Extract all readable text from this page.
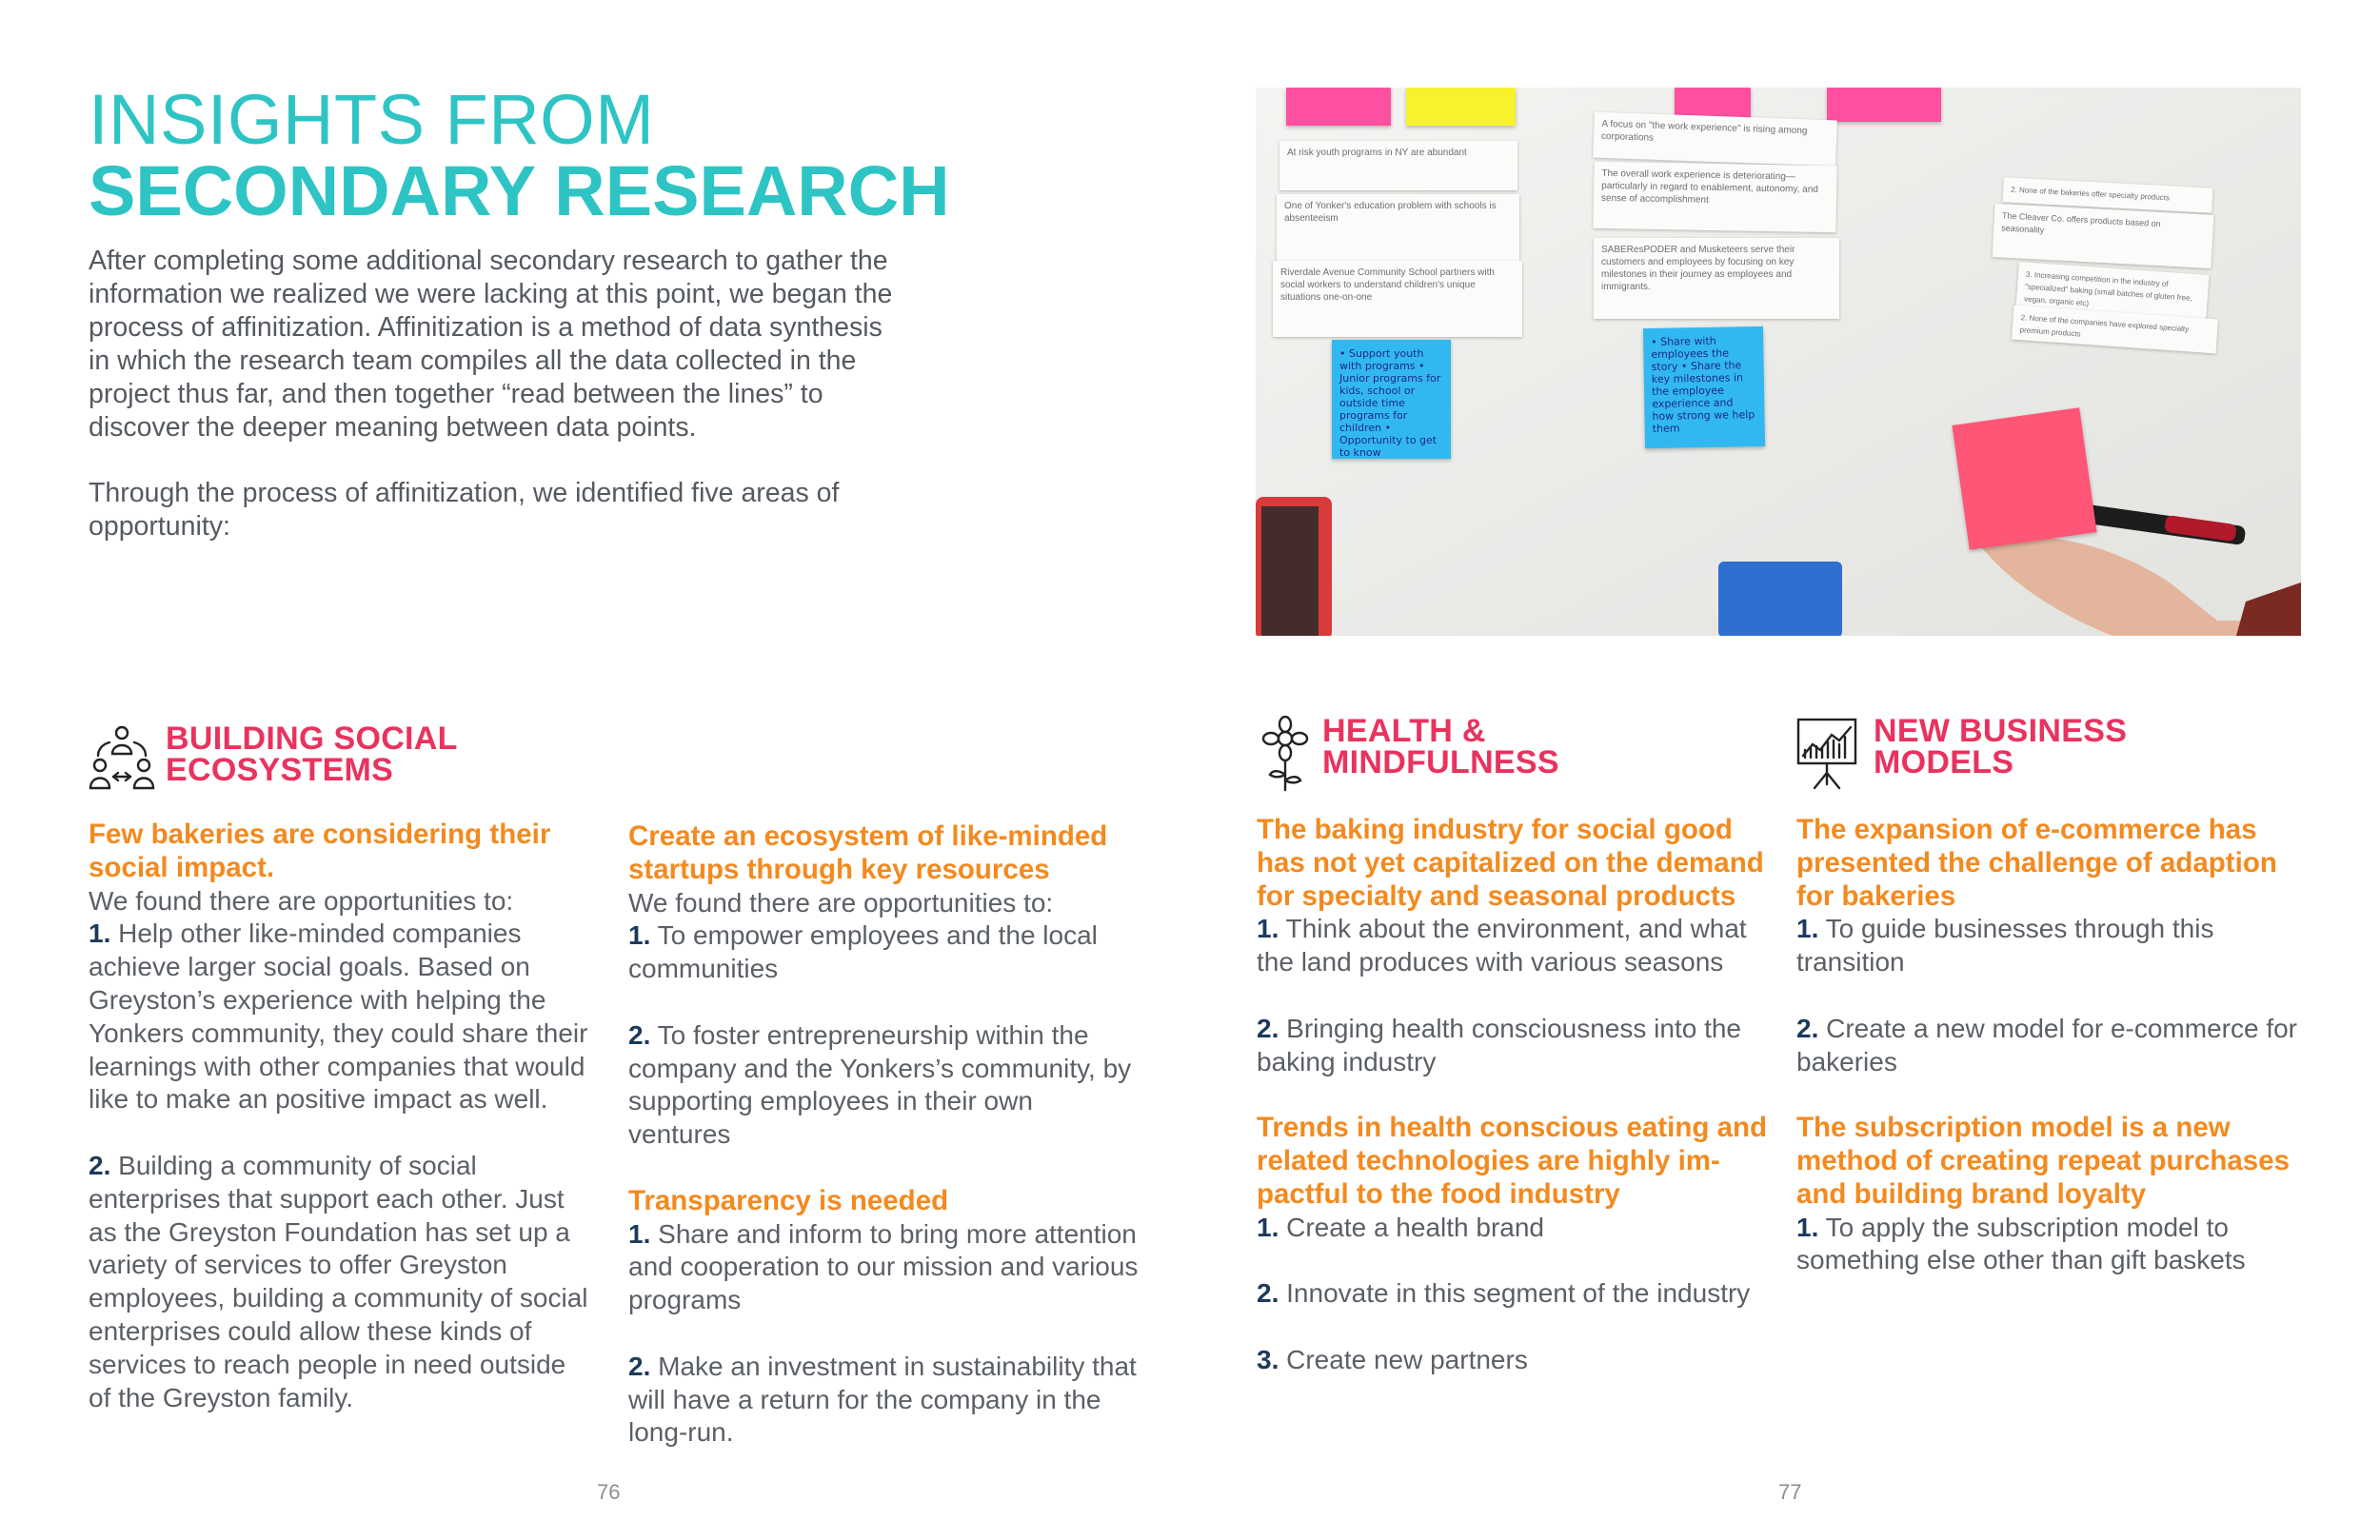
INSIGHTS FROM
SECONDARY RESEARCH

After completing some additional secondary research to gather the information we realized we were lacking at this point, we began the process of affinitization. Affinitization is a method of data synthesis in which the research team compiles all the data collected in the project thus far, and then together “read between the lines” to discover the deeper meaning between data points.

Through the process of affinitization, we identified five areas of opportunity:

At risk youth programs in NY are abundant
One of Yonker's education problem with schools is absenteeism
Riverdale Avenue Community School partners with social workers to understand children's unique situations one-on-one
A focus on "the work experience" is rising among corporations
The overall work experience is deteriorating—particularly in regard to enablement, autonomy, and sense of accomplishment
SABEResPODER and Musketeers serve their customers and employees by focusing on key milestones in their journey as employees and immigrants.
2. None of the bakeries offer specialty products
The Cleaver Co. offers products based on seasonality
3. Increasing competition in the industry of "specialized" baking (small batches of gluten free, vegan, organic etc)
2. None of the companies have explored specialty premium products
• Support youth with programs • Junior programs for kids, school or outside time programs for children • Opportunity to get to know
• Share with employees the story • Share the key milestones in the employee experience and how strong we help them
BUILDING SOCIAL
ECOSYSTEMS
HEALTH &
MINDFULNESS
NEW BUSINESS
MODELS
Few bakeries are considering their social impact.
We found there are opportunities to:
1. Help other like-minded companies achieve larger social goals. Based on Greyston’s experience with helping the Yonkers community, they could share their learnings with other companies that would like to make an positive impact as well.
2. Building a community of social enterprises that support each other. Just as the Greyston Foundation has set up a variety of services to offer Greyston employees, building a community of social enterprises could allow these kinds of services to reach people in need outside of the Greyston family.
Create an ecosystem of like-minded startups through key resources
We found there are opportunities to:
1. To empower employees and the local communities
2. To foster entrepreneurship within the company and the Yonkers’s community, by supporting employees in their own ventures
Transparency is needed
1. Share and inform to bring more attention and cooperation to our mission and various programs
2. Make an investment in sustainability that will have a return for the company in the long-run.
The baking industry for social good has not yet capitalized on the demand for specialty and seasonal products
1. Think about the environment, and what the land produces with various seasons
2. Bringing health consciousness into the baking industry
Trends in health conscious eating and related technologies are highly im-pactful to the food industry
1. Create a health brand
2. Innovate in this segment of the industry
3. Create new partners
The expansion of e-commerce has presented the challenge of adaption for bakeries
1. To guide businesses through this transition
2. Create a new model for e-commerce for bakeries
The subscription model is a new method of creating repeat purchases and building brand loyalty
1. To apply the subscription model to something else other than gift baskets
76	77
